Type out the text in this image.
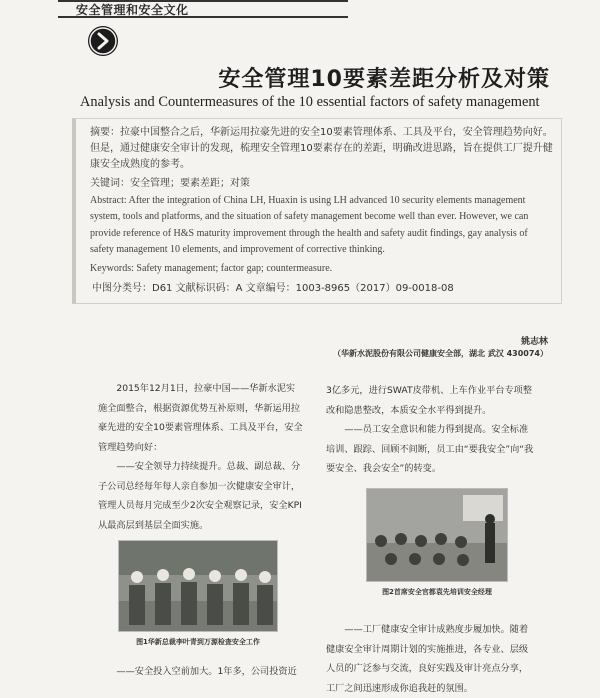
安全管理和安全文化
安全管理10要素差距分析及对策
Analysis and Countermeasures of the 10 essential factors of safety management
摘要：拉豪中国整合之后，华新运用拉豪先进的安全10要素管理体系、工具及平台，安全管理趋势向好。但是，通过健康安全审计的发现，梳理安全管理10要素存在的差距，明确改进思路，旨在提供工厂提升健康安全成熟度的参考。
关键词：安全管理；要素差距；对策
Abstract: After the integration of China LH, Huaxin is using LH advanced 10 security elements management system, tools and platforms, and the situation of safety management become well than ever. However, we can provide reference of H&S maturity improvement through the health and safety audit findings, gay analysis of safety management 10 elements, and improvement of corrective thinking.
Keywords: Safety management; factor gap; countermeasure.
中图分类号：D61 文献标识码：A 文章编号：1003-8965（2017）09-0018-08
姚志林
（华新水泥股份有限公司健康安全部，湖北 武汉 430074）

2015年12月1日，拉豪中国——华新水泥实施全面整合，根据资源优势互补原则，华新运用拉豪先进的安全10要素管理体系、工具及平台，安全管理趋势向好：

——安全领导力持续提升。总裁、副总裁、分子公司总经每年每人亲自参加一次健康安全审计，管理人员每月完成至少2次安全观察记录，安全KPI从最高层到基层全面实施。

图1华新总裁李叶青到万源检查安全工作

——安全投入空前加大。1年多，公司投资近

3亿多元，进行SWAT皮带机、上车作业平台专项整改和隐患整改，本质安全水平得到提升。

——员工安全意识和能力得到提高。安全标准培训、跟踪、回顾不间断，员工由“要我安全”向“我要安全、我会安全”的转变。

图2首席安全官都袁先培训安全经理

——工厂健康安全审计成熟度步履加快。随着健康安全审计周期计划的实施推进，各专业、层级人员的广泛参与交流，良好实践及审计亮点分享，工厂之间迅速形成你追我赶的氛围。
